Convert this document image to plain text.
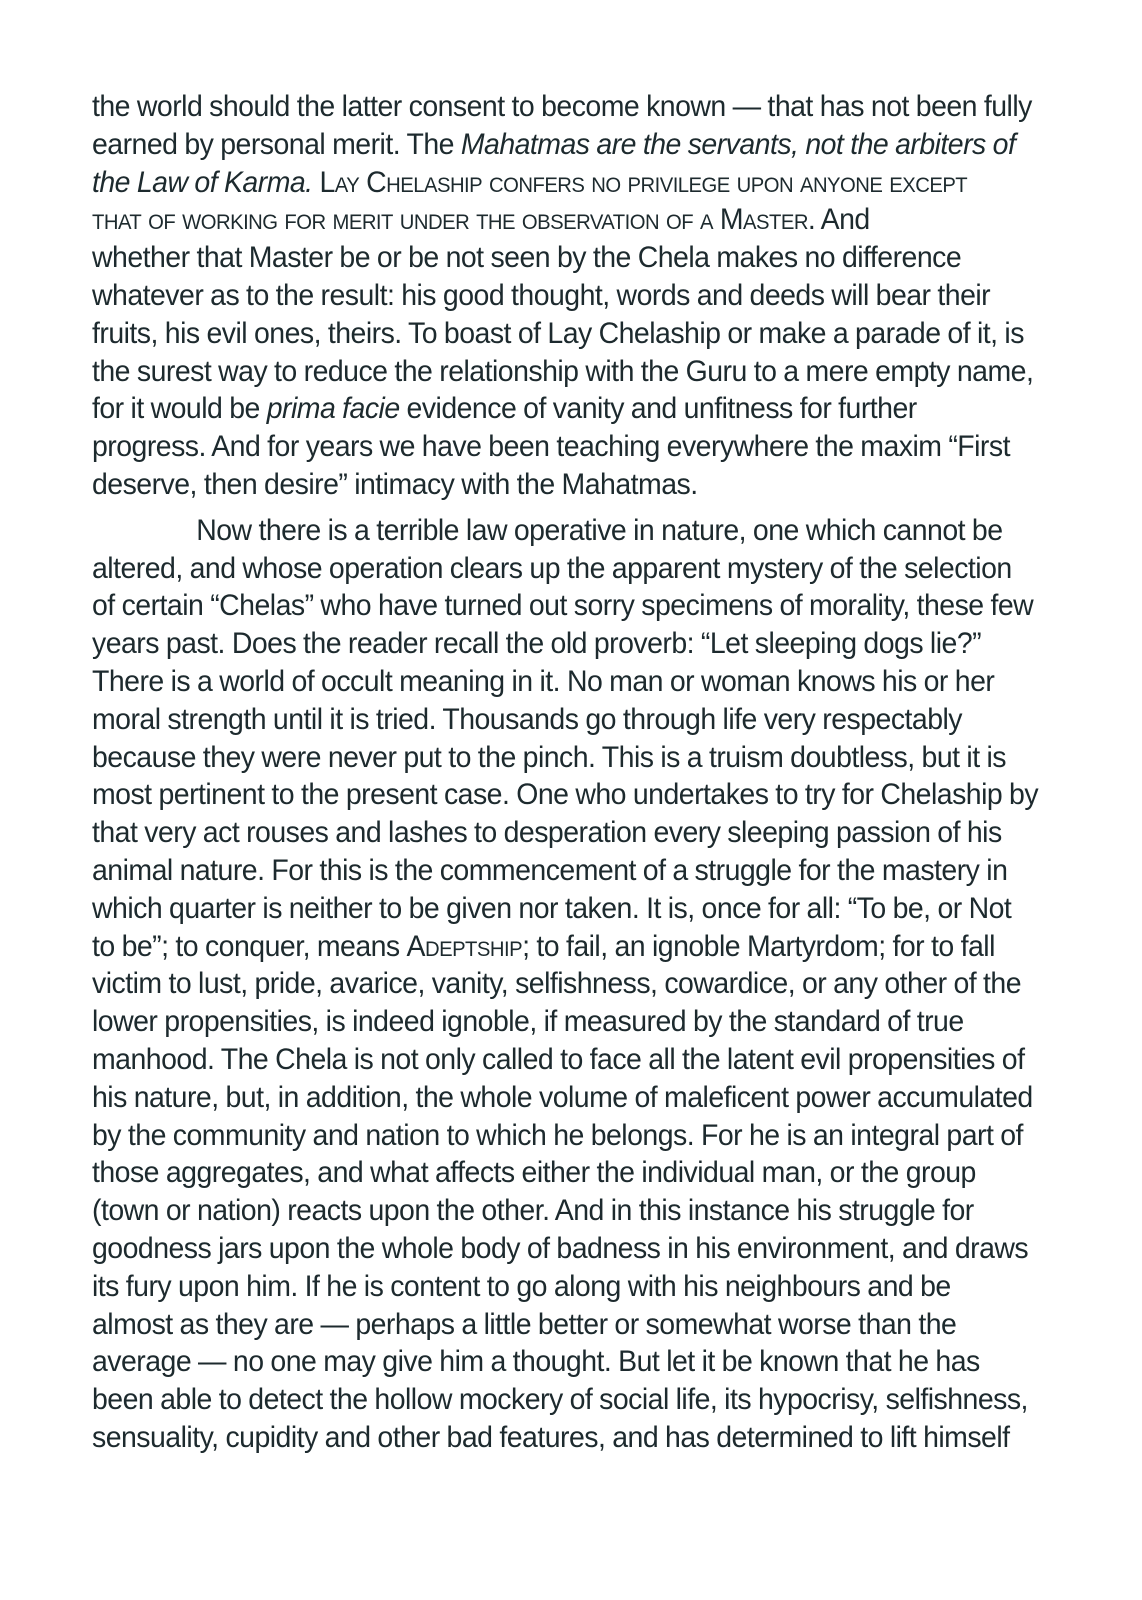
the world should the latter consent to become known — that has not been fully
earned by personal merit. The Mahatmas are the servants, not the arbiters of
the Law of Karma. Lay Chelaship confers no privilege upon anyone except
that of working for merit under the observation of a Master. And
whether that Master be or be not seen by the Chela makes no difference
whatever as to the result: his good thought, words and deeds will bear their
fruits, his evil ones, theirs. To boast of Lay Chelaship or make a parade of it, is
the surest way to reduce the relationship with the Guru to a mere empty name,
for it would be prima facie evidence of vanity and unfitness for further
progress. And for years we have been teaching everywhere the maxim “First
deserve, then desire” intimacy with the Mahatmas.
Now there is a terrible law operative in nature, one which cannot be
altered, and whose operation clears up the apparent mystery of the selection
of certain “Chelas” who have turned out sorry specimens of morality, these few
years past. Does the reader recall the old proverb: “Let sleeping dogs lie?”
There is a world of occult meaning in it. No man or woman knows his or her
moral strength until it is tried. Thousands go through life very respectably
because they were never put to the pinch. This is a truism doubtless, but it is
most pertinent to the present case. One who undertakes to try for Chelaship by
that very act rouses and lashes to desperation every sleeping passion of his
animal nature. For this is the commencement of a struggle for the mastery in
which quarter is neither to be given nor taken. It is, once for all: “To be, or Not
to be”; to conquer, means Adeptship; to fail, an ignoble Martyrdom; for to fall
victim to lust, pride, avarice, vanity, selfishness, cowardice, or any other of the
lower propensities, is indeed ignoble, if measured by the standard of true
manhood. The Chela is not only called to face all the latent evil propensities of
his nature, but, in addition, the whole volume of maleficent power accumulated
by the community and nation to which he belongs. For he is an integral part of
those aggregates, and what affects either the individual man, or the group
(town or nation) reacts upon the other. And in this instance his struggle for
goodness jars upon the whole body of badness in his environment, and draws
its fury upon him. If he is content to go along with his neighbours and be
almost as they are — perhaps a little better or somewhat worse than the
average — no one may give him a thought. But let it be known that he has
been able to detect the hollow mockery of social life, its hypocrisy, selfishness,
sensuality, cupidity and other bad features, and has determined to lift himself
